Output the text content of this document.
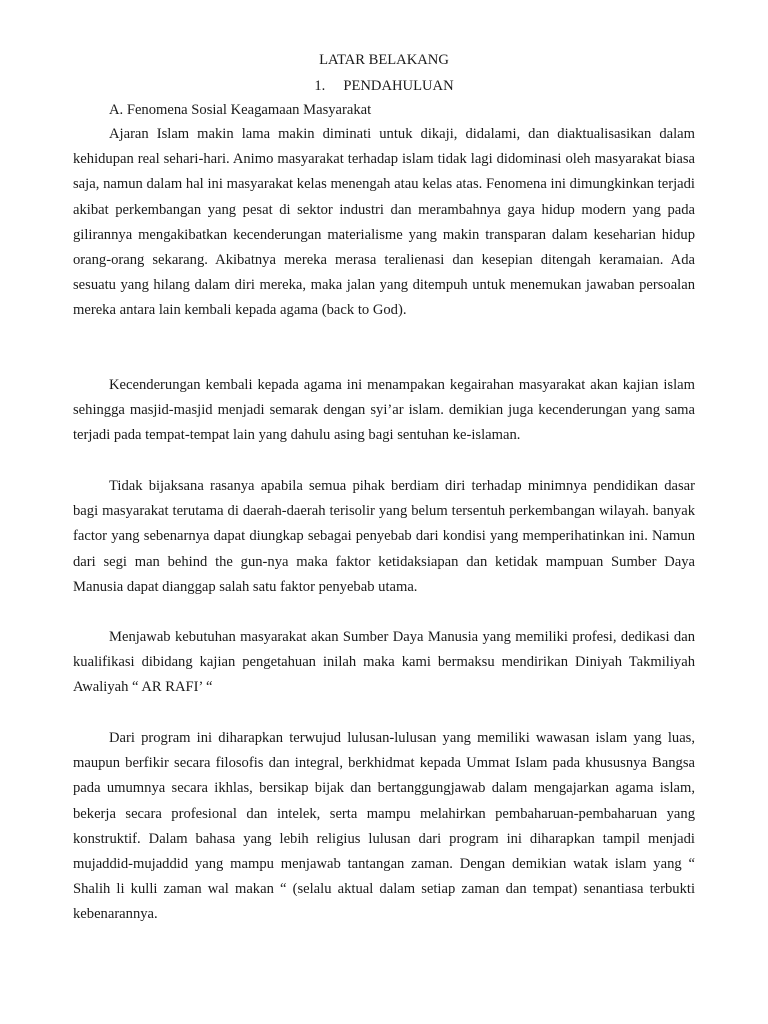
LATAR BELAKANG
1. PENDAHULUAN
A. Fenomena Sosial Keagamaan Masyarakat

Ajaran Islam makin lama makin diminati untuk dikaji, didalami, dan diaktualisasikan dalam kehidupan real sehari-hari. Animo masyarakat terhadap islam tidak lagi didominasi oleh masyarakat biasa saja, namun dalam hal ini masyarakat kelas menengah atau kelas atas. Fenomena ini dimungkinkan terjadi akibat perkembangan yang pesat di sektor industri dan merambahnya gaya hidup modern yang pada gilirannya mengakibatkan kecenderungan materialisme yang makin transparan dalam keseharian hidup orang-orang sekarang. Akibatnya mereka merasa teralienasi dan kesepian ditengah keramaian. Ada sesuatu yang hilang dalam diri mereka, maka jalan yang ditempuh untuk menemukan jawaban persoalan mereka antara lain kembali kepada agama (back to God).

Kecenderungan kembali kepada agama ini menampakan kegairahan masyarakat akan kajian islam sehingga masjid-masjid menjadi semarak dengan syi’ar islam. demikian juga kecenderungan yang sama terjadi pada tempat-tempat lain yang dahulu asing bagi sentuhan ke-islaman.

Tidak bijaksana rasanya apabila semua pihak berdiam diri terhadap minimnya pendidikan dasar bagi masyarakat terutama di daerah-daerah terisolir yang belum tersentuh perkembangan wilayah. banyak factor yang sebenarnya dapat diungkap sebagai penyebab dari kondisi yang memperihatinkan ini. Namun dari segi man behind the gun-nya maka faktor ketidaksiapan dan ketidak mampuan Sumber Daya Manusia dapat dianggap salah satu faktor penyebab utama.

Menjawab kebutuhan masyarakat akan Sumber Daya Manusia yang memiliki profesi, dedikasi dan kualifikasi dibidang kajian pengetahuan inilah maka kami bermaksu mendirikan Diniyah Takmiliyah Awaliyah “ AR RAFI’ “

Dari program ini diharapkan terwujud lulusan-lulusan yang memiliki wawasan islam yang luas, maupun berfikir secara filosofis dan integral, berkhidmat kepada Ummat Islam pada khususnya Bangsa pada umumnya secara ikhlas, bersikap bijak dan bertanggungjawab dalam mengajarkan agama islam, bekerja secara profesional dan intelek, serta mampu melahirkan pembaharuan-pembaharuan yang konstruktif. Dalam bahasa yang lebih religius lulusan dari program ini diharapkan tampil menjadi mujaddid-mujaddid yang mampu menjawab tantangan zaman. Dengan demikian watak islam yang “ Shalih li kulli zaman wal makan “ (selalu aktual dalam setiap zaman dan tempat) senantiasa terbukti kebenarannya.
